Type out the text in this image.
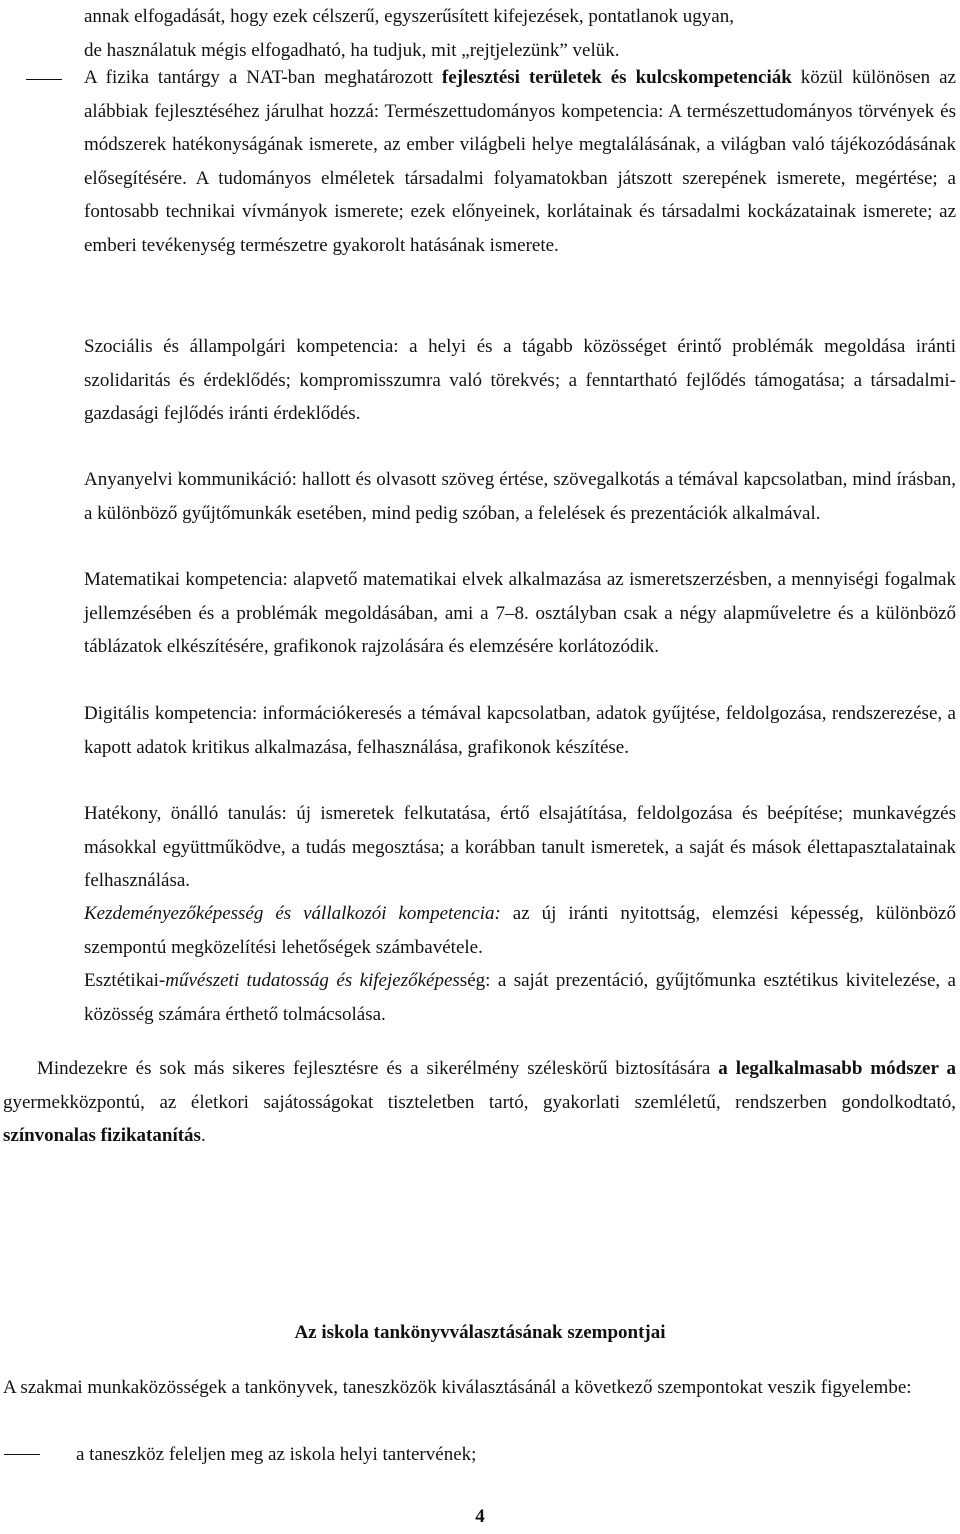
annak elfogadását, hogy ezek célszerű, egyszerűsített kifejezések, pontatlanok ugyan,
de használatuk mégis elfogadható, ha tudjuk, mit „rejtjelezünk” velük.

A fizika tantárgy a NAT-ban meghatározott fejlesztési területek és kulcskompetenciák közül különösen az alábbiak fejlesztéséhez járulhat hozzá: Természettudományos kompetencia: A természettudományos törvények és módszerek hatékonyságának ismerete, az ember világbeli helye megtalálásának, a világban való tájékozódásának elősegítésére. A tudományos elméletek társadalmi folyamatokban játszott szerepének ismerete, megértése; a fontosabb technikai vívmányok ismerete; ezek előnyeinek, korlátainak és társadalmi kockázatainak ismerete; az emberi tevékenység természetre gyakorolt hatásának ismerete.

Szociális és állampolgári kompetencia: a helyi és a tágabb közösséget érintő problémák megoldása iránti szolidaritás és érdeklődés; kompromisszumra való törekvés; a fenntartható fejlődés támogatása; a társadalmi-gazdasági fejlődés iránti érdeklődés.

Anyanyelvi kommunikáció: hallott és olvasott szöveg értése, szövegalkotás a témával kapcsolatban, mind írásban, a különböző gyűjtőmunkák esetében, mind pedig szóban, a felelések és prezentációk alkalmával.

Matematikai kompetencia: alapvető matematikai elvek alkalmazása az ismeretszerzésben, a mennyiségi fogalmak jellemzésében és a problémák megoldásában, ami a 7–8. osztályban csak a négy alapműveletre és a különböző táblázatok elkészítésére, grafikonok rajzolására és elemzésére korlátozódik.

Digitális kompetencia: információkeresés a témával kapcsolatban, adatok gyűjtése, feldolgozása, rendszerezése, a kapott adatok kritikus alkalmazása, felhasználása, grafikonok készítése.

Hatékony, önálló tanulás: új ismeretek felkutatása, értő elsajátítása, feldolgozása és beépítése; munkavégzés másokkal együttműködve, a tudás megosztása; a korábban tanult ismeretek, a saját és mások élettapasztalatainak felhasználása.

Kezdeményezőképesség és vállalkozói kompetencia: az új iránti nyitottság, elemzési képesség, különböző szempontú megközelítési lehetőségek számbavétele.

Esztétikai-művészeti tudatosság és kifejezőképesség: a saját prezentáció, gyűjtőmunka esztétikus kivitelezése, a közösség számára érthető tolmácsolása.

Mindezekre és sok más sikeres fejlesztésre és a sikerélmény széleskörű biztosítására a legalkalmasabb módszer a gyermekközpontú, az életkori sajátosságokat tiszteletben tartó, gyakorlati szemléletű, rendszerben gondolkodtató, színvonalas fizikatanítás.

Az iskola tankönyvválasztásának szempontjai

A szakmai munkaközösségek a tankönyvek, taneszközök kiválasztásánál a következő szempontokat veszik figyelembe:

a taneszköz feleljen meg az iskola helyi tantervének;

4
